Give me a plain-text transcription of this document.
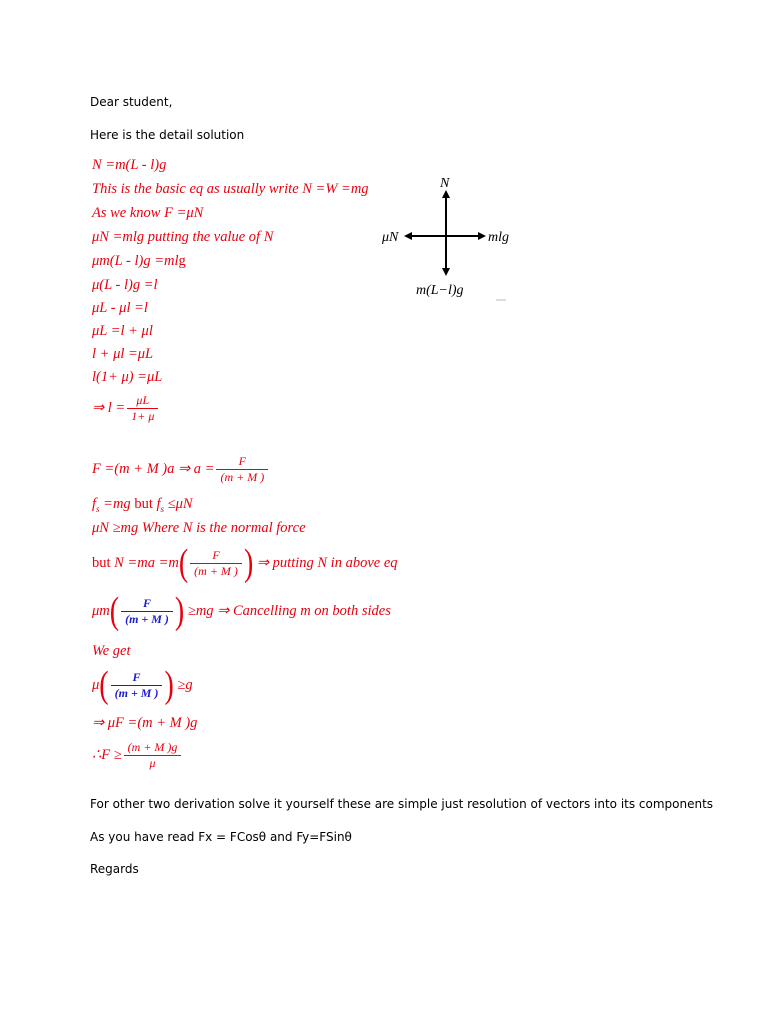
Dear student,
Here is the detail solution
N =m(L - l)g
This is the basic eq as usually write N =W =mg
As we know F =μN
μN =mlg putting the value of N
μm(L - l)g =mlg
μ(L - l)g =l
μL - μl =l
μL =l + μl
l + μl =μL
l(1+ μ) =μL
⇒ $l = \frac{\mu L}{1+ \mu}$
N
μN	mlg
m(L−l)g
F =(m + M )a ⇒ $a = \frac{F}{(m + M )}$
$f_s =mg$ but $f_s \le\mu N$
μN ≥mg Where N is the normal force
but $N =ma =m( \frac{F}{(m + M )}$ ) ⇒ putting N in above eq
$\mu m( \frac{F}{(m + M )}$ ) ≥mg ⇒ Cancelling m on both sides
We get
$\mu( \frac{F}{(m + M )}$ ) ≥g
⇒ μF =(m + M )g
∴F ≥ $\frac{(m + M )g}{\mu}$
For other two derivation solve it yourself these are simple just resolution of vectors into its components
As you have read Fx = FCosθ and Fy=FSinθ
Regards
